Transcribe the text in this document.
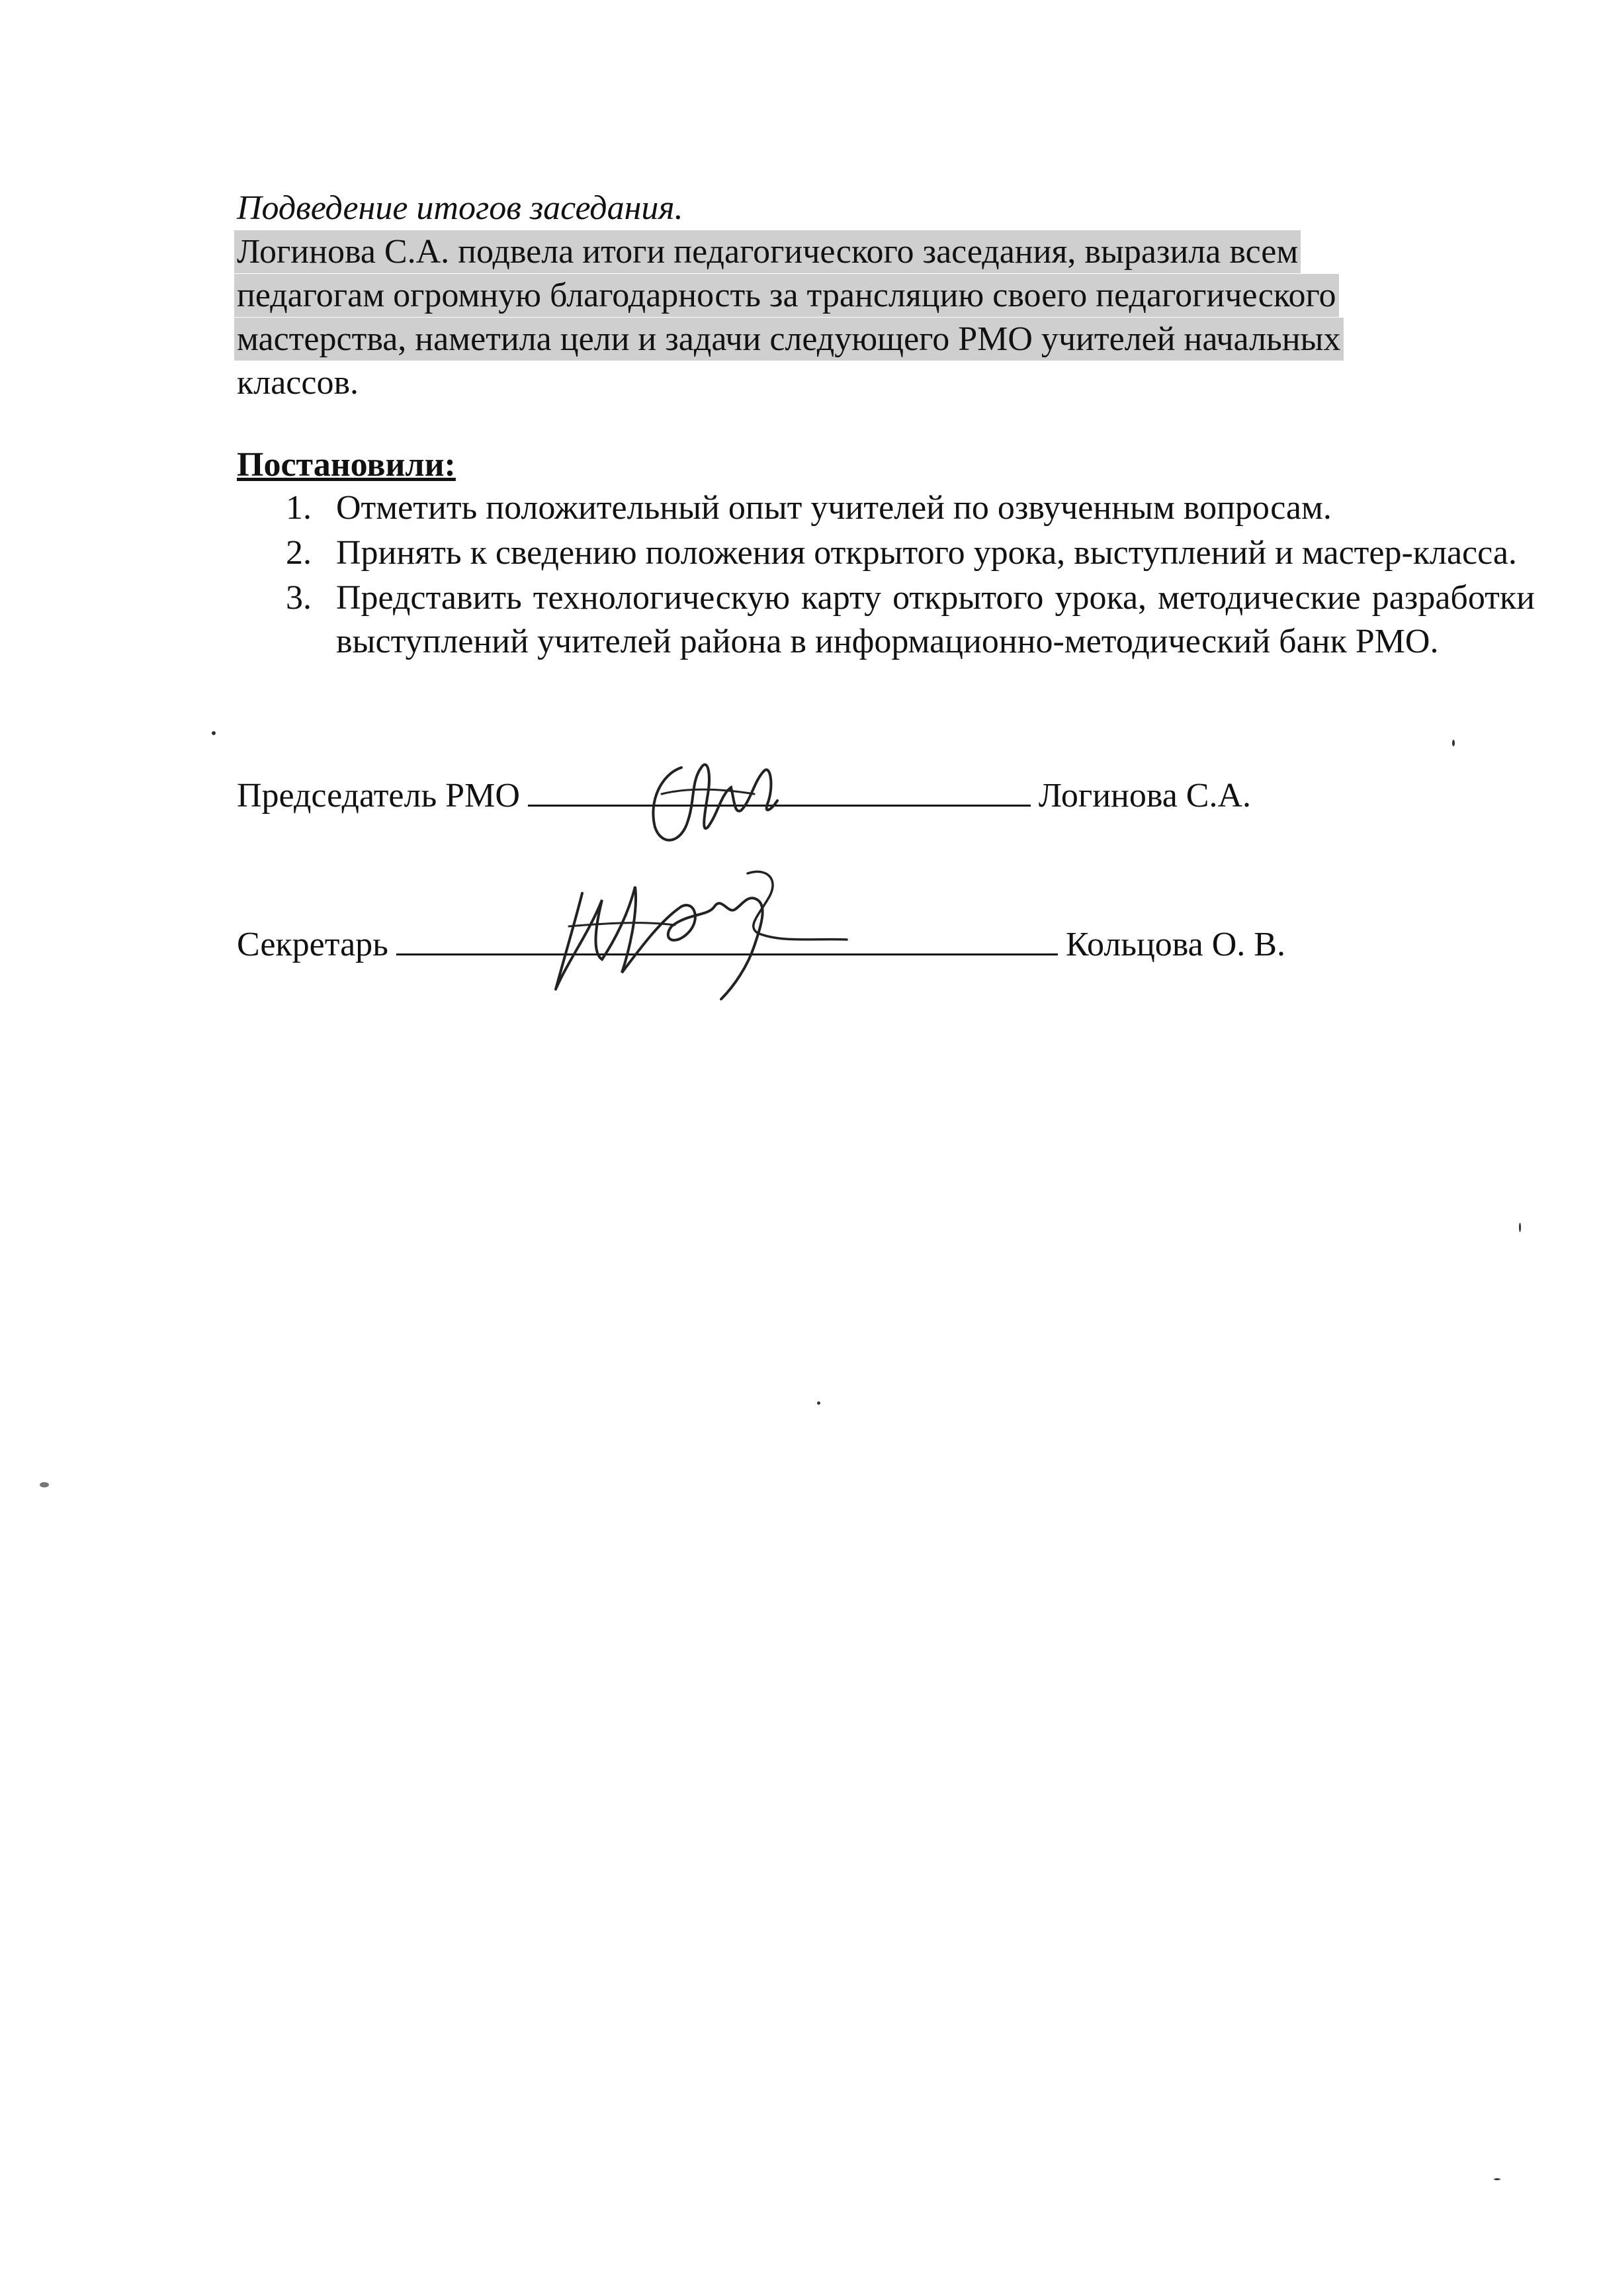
Подведение итогов заседания.
Логинова С.А. подвела итоги педагогического заседания, выразила всем
педагогам огромную благодарность за трансляцию своего педагогического
мастерства, наметила цели и задачи следующего РМО учителей начальных
классов.
Постановили:
1. Отметить положительный опыт учителей по озвученным вопросам.
2. Принять к сведению положения открытого урока, выступлений и мастер-класса.
3. Представить технологическую карту открытого урока, методические разработки выступлений учителей района в информационно-методический банк РМО.
Председатель РМО	Логинова С.А.
Секретарь	Кольцова О. В.
